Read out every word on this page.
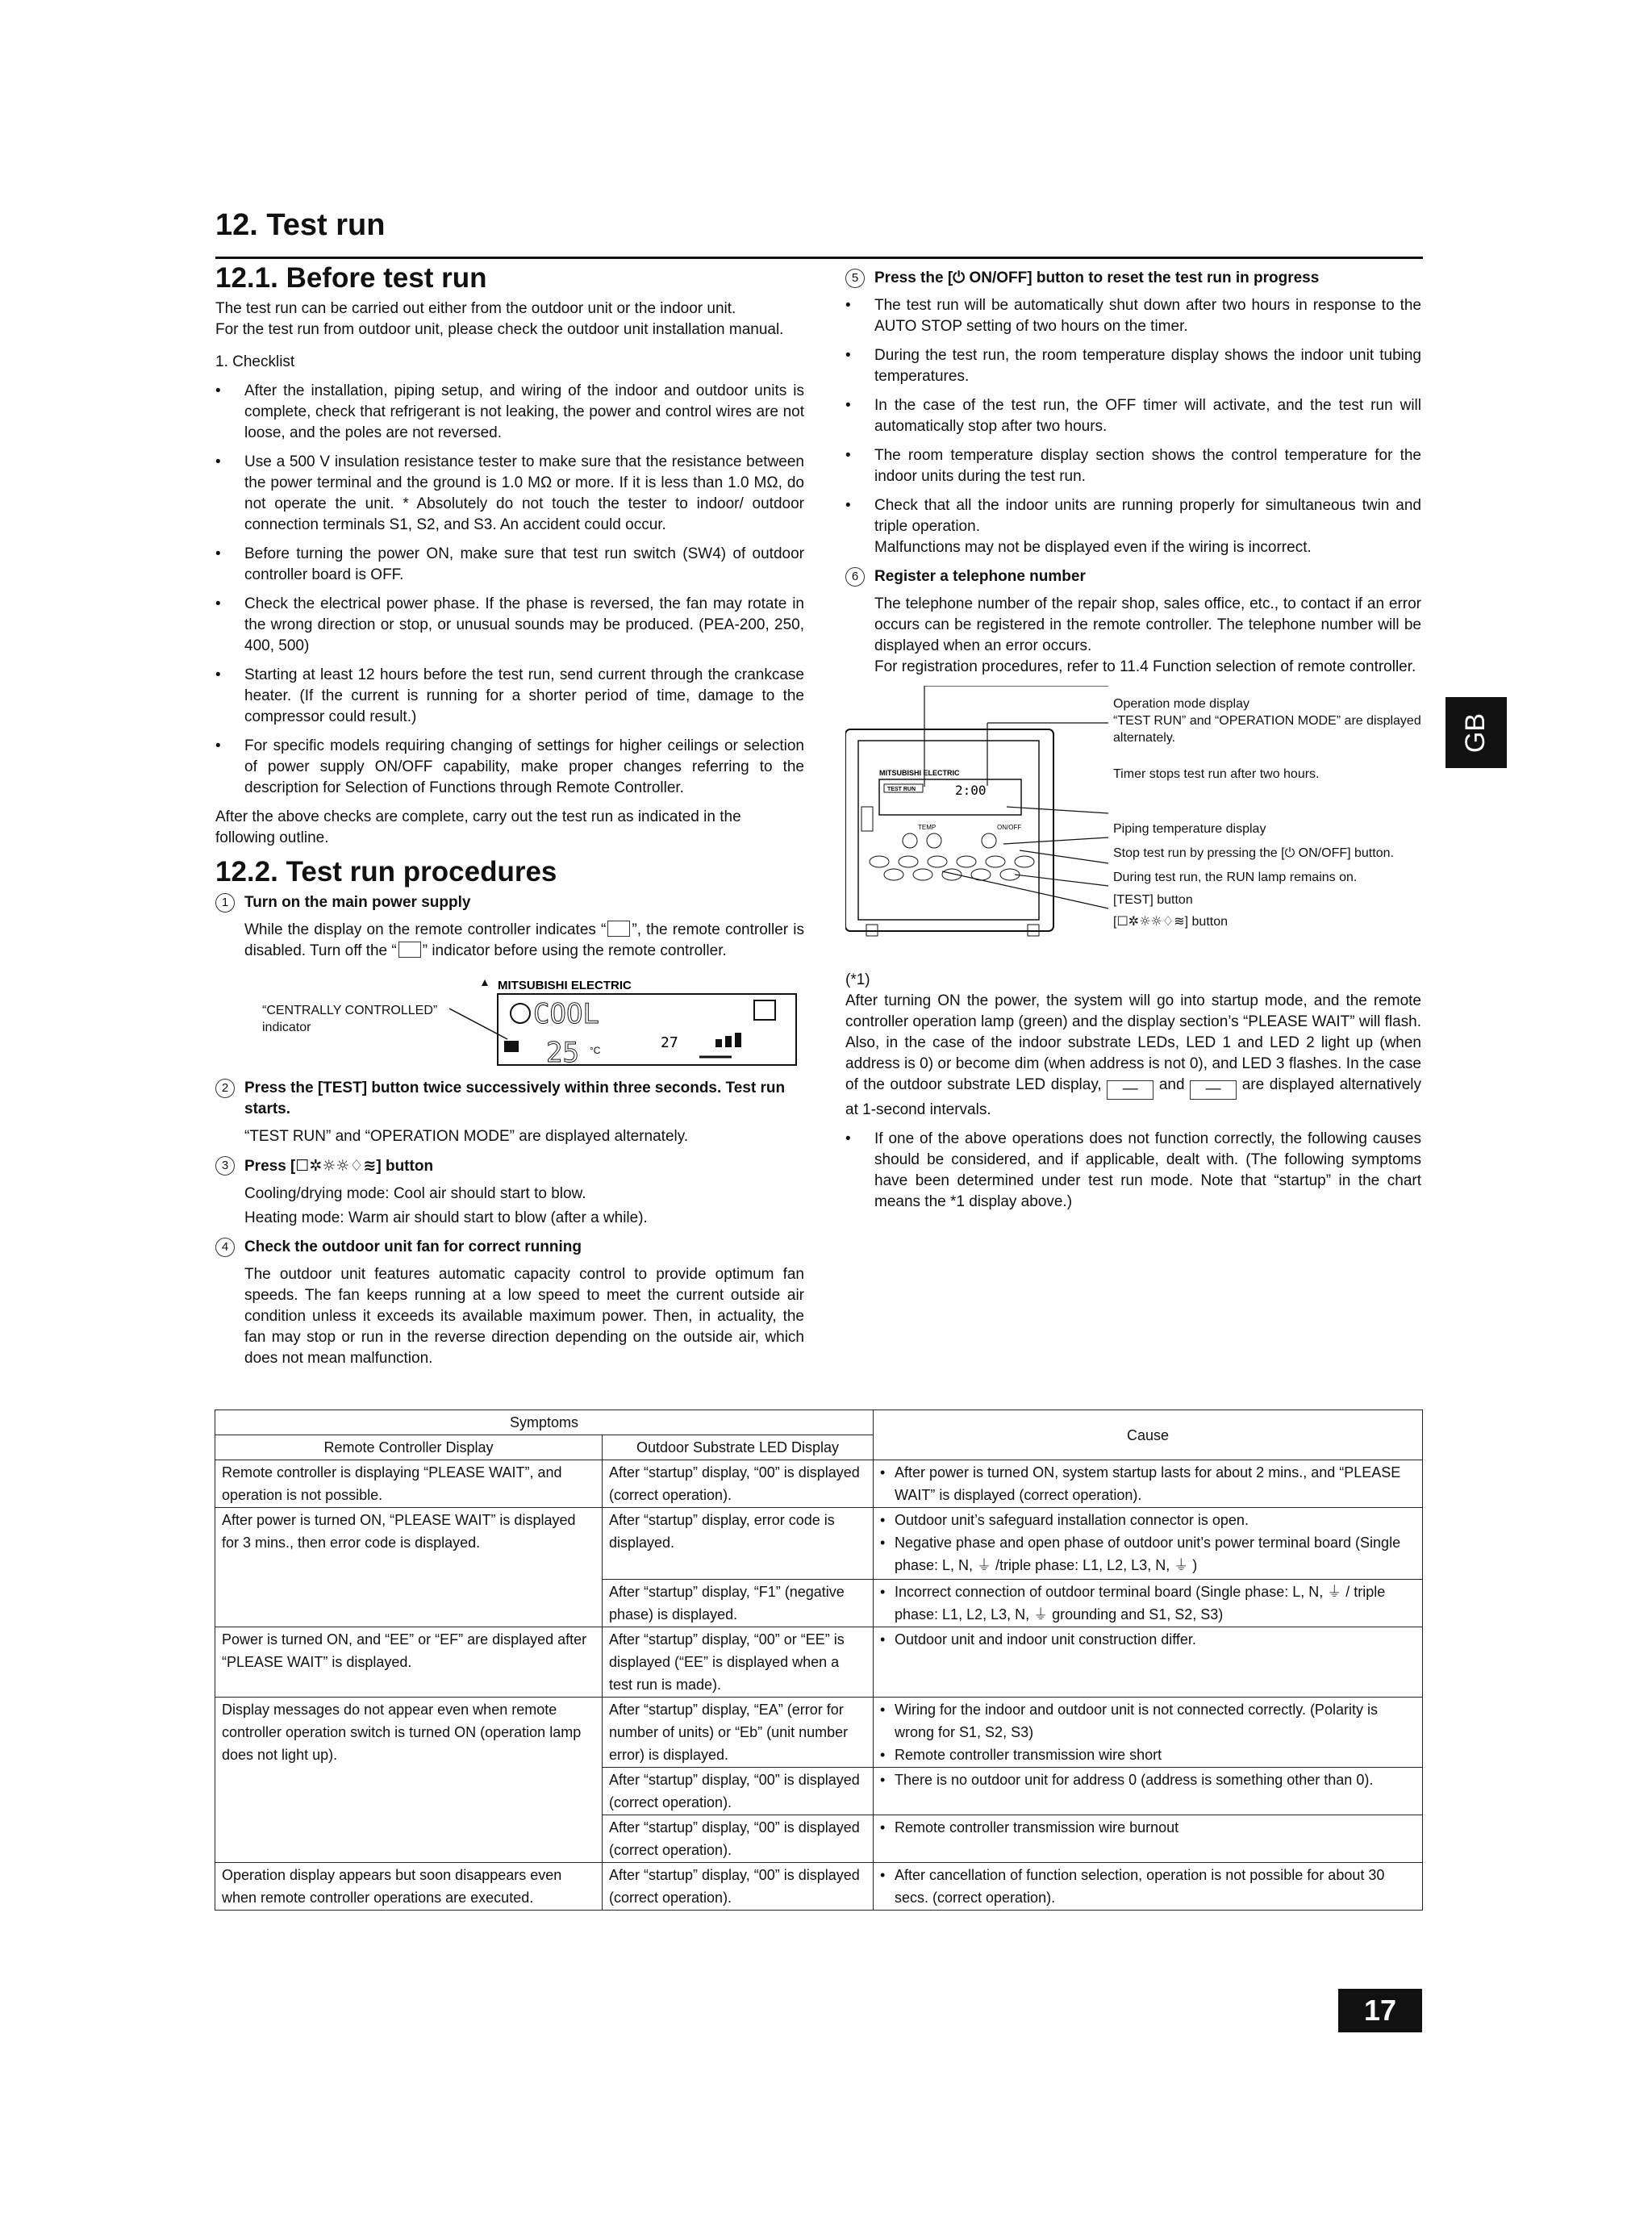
12. Test run
GB
12.1. Before test run

The test run can be carried out either from the outdoor unit or the indoor unit.

For the test run from outdoor unit, please check the outdoor unit installation manual.

1. Checklist

• After the installation, piping setup, and wiring of the indoor and outdoor units is complete, check that refrigerant is not leaking, the power and control wires are not loose, and the poles are not reversed.
• Use a 500 V insulation resistance tester to make sure that the resistance between the power terminal and the ground is 1.0 MΩ or more. If it is less than 1.0 MΩ, do not operate the unit. * Absolutely do not touch the tester to indoor/ outdoor connection terminals S1, S2, and S3. An accident could occur.
• Before turning the power ON, make sure that test run switch (SW4) of outdoor controller board is OFF.
• Check the electrical power phase. If the phase is reversed, the fan may rotate in the wrong direction or stop, or unusual sounds may be produced. (PEA-200, 250, 400, 500)
• Starting at least 12 hours before the test run, send current through the crankcase heater. (If the current is running for a shorter period of time, damage to the compressor could result.)
• For specific models requiring changing of settings for higher ceilings or selection of power supply ON/OFF capability, make proper changes referring to the description for Selection of Functions through Remote Controller.

After the above checks are complete, carry out the test run as indicated in the following outline.

12.2. Test run procedures
1	Turn on the main power supply
While the display on the remote controller indicates “ ”, the remote controller is disabled. Turn off the “ ” indicator before using the remote controller.
“CENTRALLY CONTROLLED” indicator
MITSUBISHI ELECTRIC
COOL
25 °C	27
2	Press the [TEST] button twice successively within three seconds. Test run starts.
“TEST RUN” and “OPERATION MODE” are displayed alternately.
3	Press [☐✲☼☼♢≋] button
Cooling/drying mode: Cool air should start to blow.
Heating mode: Warm air should start to blow (after a while).
4	Check the outdoor unit fan for correct running
The outdoor unit features automatic capacity control to provide optimum fan speeds. The fan keeps running at a low speed to meet the current outside air condition unless it exceeds its available maximum power. Then, in actuality, the fan may stop or run in the reverse direction depending on the outside air, which does not mean malfunction.
5	Press the [⏻ ON/OFF] button to reset the test run in progress
• The test run will be automatically shut down after two hours in response to the AUTO STOP setting of two hours on the timer.
• During the test run, the room temperature display shows the indoor unit tubing temperatures.
• In the case of the test run, the OFF timer will activate, and the test run will automatically stop after two hours.
• The room temperature display section shows the control temperature for the indoor units during the test run.
• Check that all the indoor units are running properly for simultaneous twin and triple operation.
Malfunctions may not be displayed even if the wiring is incorrect.
6	Register a telephone number
The telephone number of the repair shop, sales office, etc., to contact if an error occurs can be registered in the remote controller. The telephone number will be displayed when an error occurs.
For registration procedures, refer to 11.4 Function selection of remote controller.
MITSUBISHI ELECTRIC
TEST RUN	2:00
TEMP	ON/OFF
Operation mode display
“TEST RUN” and “OPERATION MODE” are displayed alternately.
Timer stops test run after two hours.
Piping temperature display
Stop test run by pressing the [⏻ ON/OFF] button.
During test run, the RUN lamp remains on.
[TEST] button
[☐✲☼☼♢≋] button

(*1)

After turning ON the power, the system will go into startup mode, and the remote controller operation lamp (green) and the display section’s “PLEASE WAIT” will flash. Also, in the case of the indoor substrate LEDs, LED 1 and LED 2 light up (when address is 0) or become dim (when address is not 0), and LED 3 flashes. In the case of the outdoor substrate LED display, — and — are displayed alternatively at 1-second intervals.

• If one of the above operations does not function correctly, the following causes should be considered, and if applicable, dealt with. (The following symptoms have been determined under test run mode. Note that “startup” in the chart means the *1 display above.)
Symptoms		Cause
Remote Controller Display	Outdoor Substrate LED Display	
Remote controller is displaying “PLEASE WAIT”, and operation is not possible.	After “startup” display, “00” is displayed (correct operation).	• After power is turned ON, system startup lasts for about 2 mins., and “PLEASE WAIT” is displayed (correct operation).

After power is turned ON, “PLEASE WAIT” is displayed for 3 mins., then error code is displayed.	After “startup” display, error code is displayed.	• Outdoor unit’s safeguard installation connector is open.
• Negative phase and open phase of outdoor unit’s power terminal board (Single phase: L, N, ⏚ /triple phase: L1, L2, L3, N, ⏚ )

	After “startup” display, “F1” (negative phase) is displayed.	• Incorrect connection of outdoor terminal board (Single phase: L, N, ⏚ / triple phase: L1, L2, L3, N, ⏚ grounding and S1, S2, S3)

Power is turned ON, and “EE” or “EF” are displayed after “PLEASE WAIT” is displayed.	After “startup” display, “00” or “EE” is displayed (“EE” is displayed when a test run is made).	• Outdoor unit and indoor unit construction differ.

Display messages do not appear even when remote controller operation switch is turned ON (operation lamp does not light up).	After “startup” display, “EA” (error for number of units) or “Eb” (unit number error) is displayed.	• Wiring for the indoor and outdoor unit is not connected correctly. (Polarity is wrong for S1, S2, S3)
• Remote controller transmission wire short

	After “startup” display, “00” is displayed (correct operation).	• There is no outdoor unit for address 0 (address is something other than 0).

	After “startup” display, “00” is displayed (correct operation).	• Remote controller transmission wire burnout

Operation display appears but soon disappears even when remote controller operations are executed.	After “startup” display, “00” is displayed (correct operation).	• After cancellation of function selection, operation is not possible for about 30 secs. (correct operation).
17
